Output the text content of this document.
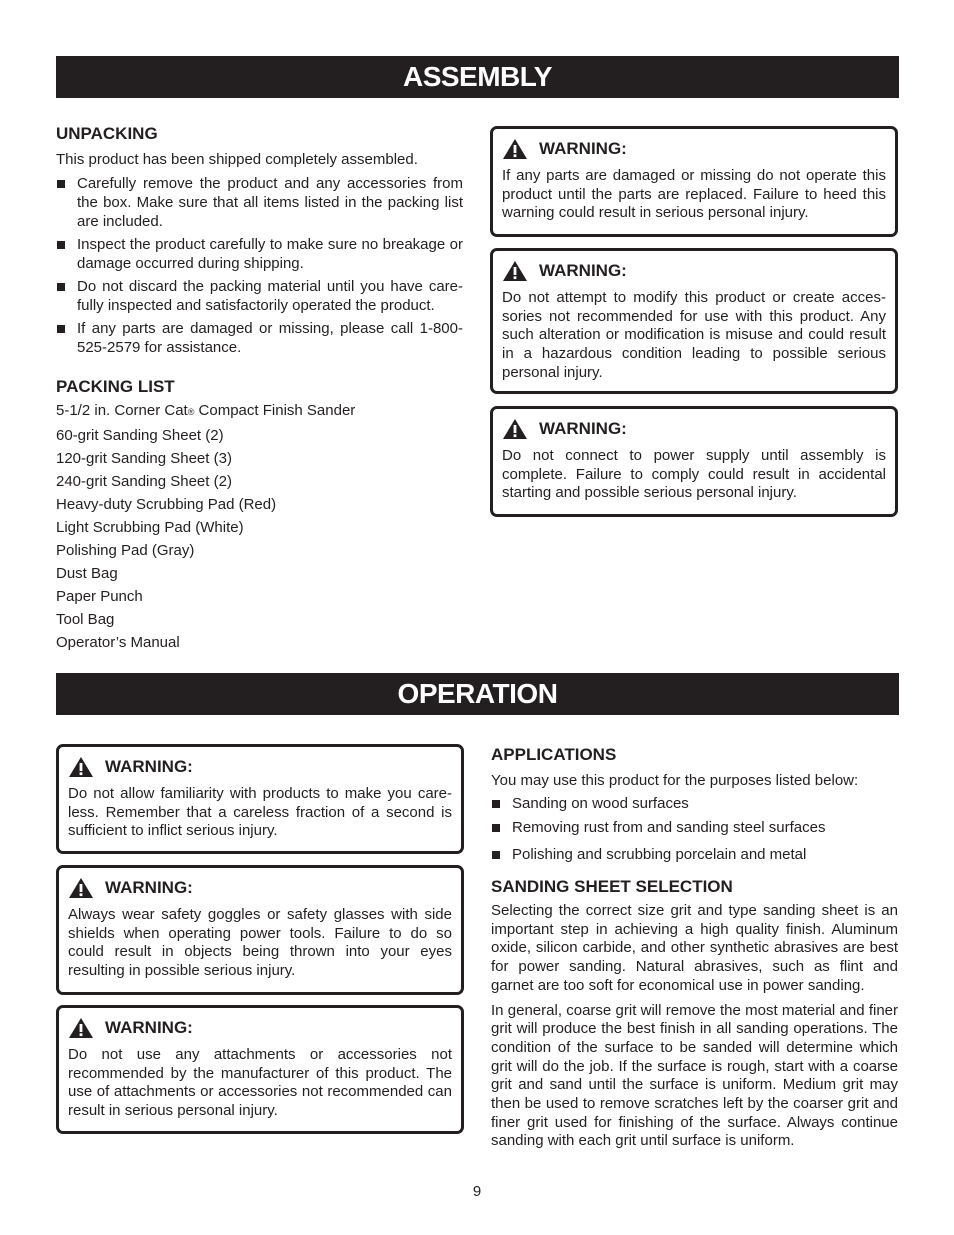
ASSEMBLY
UNPACKING

This product has been shipped completely assembled.

Carefully remove the product and any accessories from the box. Make sure that all items listed in the packing list are included.
Inspect the product carefully to make sure no breakage or damage occurred during shipping.
Do not discard the packing material until you have care-fully inspected and satisfactorily operated the product.
If any parts are damaged or missing, please call 1-800-525-2579 for assistance.
PACKING LIST
5-1/2 in. Corner Cat® Compact Finish Sander
60-grit Sanding Sheet (2)
120-grit Sanding Sheet (3)
240-grit Sanding Sheet (2)
Heavy-duty Scrubbing Pad (Red)
Light Scrubbing Pad (White)
Polishing Pad (Gray)
Dust Bag
Paper Punch
Tool Bag
Operator’s Manual
WARNING:

If any parts are damaged or missing do not operate this product until the parts are replaced. Failure to heed this warning could result in serious personal injury.

WARNING:

Do not attempt to modify this product or create acces-sories not recommended for use with this product. Any such alteration or modification is misuse and could result in a hazardous condition leading to possible serious personal injury.

WARNING:

Do not connect to power supply until assembly is complete. Failure to comply could result in accidental starting and possible serious personal injury.

OPERATION
WARNING:

Do not allow familiarity with products to make you care-less. Remember that a careless fraction of a second is sufficient to inflict serious injury.

WARNING:

Always wear safety goggles or safety glasses with side shields when operating power tools. Failure to do so could result in objects being thrown into your eyes resulting in possible serious injury.

WARNING:

Do not use any attachments or accessories not recommended by the manufacturer of this product. The use of attachments or accessories not recommended can result in serious personal injury.

APPLICATIONS

You may use this product for the purposes listed below:

Sanding on wood surfaces
Removing rust from and sanding steel surfaces
Polishing and scrubbing porcelain and metal
SANDING SHEET SELECTION

Selecting the correct size grit and type sanding sheet is an important step in achieving a high quality finish. Aluminum oxide, silicon carbide, and other synthetic abrasives are best for power sanding. Natural abrasives, such as flint and garnet are too soft for economical use in power sanding.

In general, coarse grit will remove the most material and finer grit will produce the best finish in all sanding operations. The condition of the surface to be sanded will determine which grit will do the job. If the surface is rough, start with a coarse grit and sand until the surface is uniform. Medium grit may then be used to remove scratches left by the coarser grit and finer grit used for finishing of the surface. Always continue sanding with each grit until surface is uniform.

9
